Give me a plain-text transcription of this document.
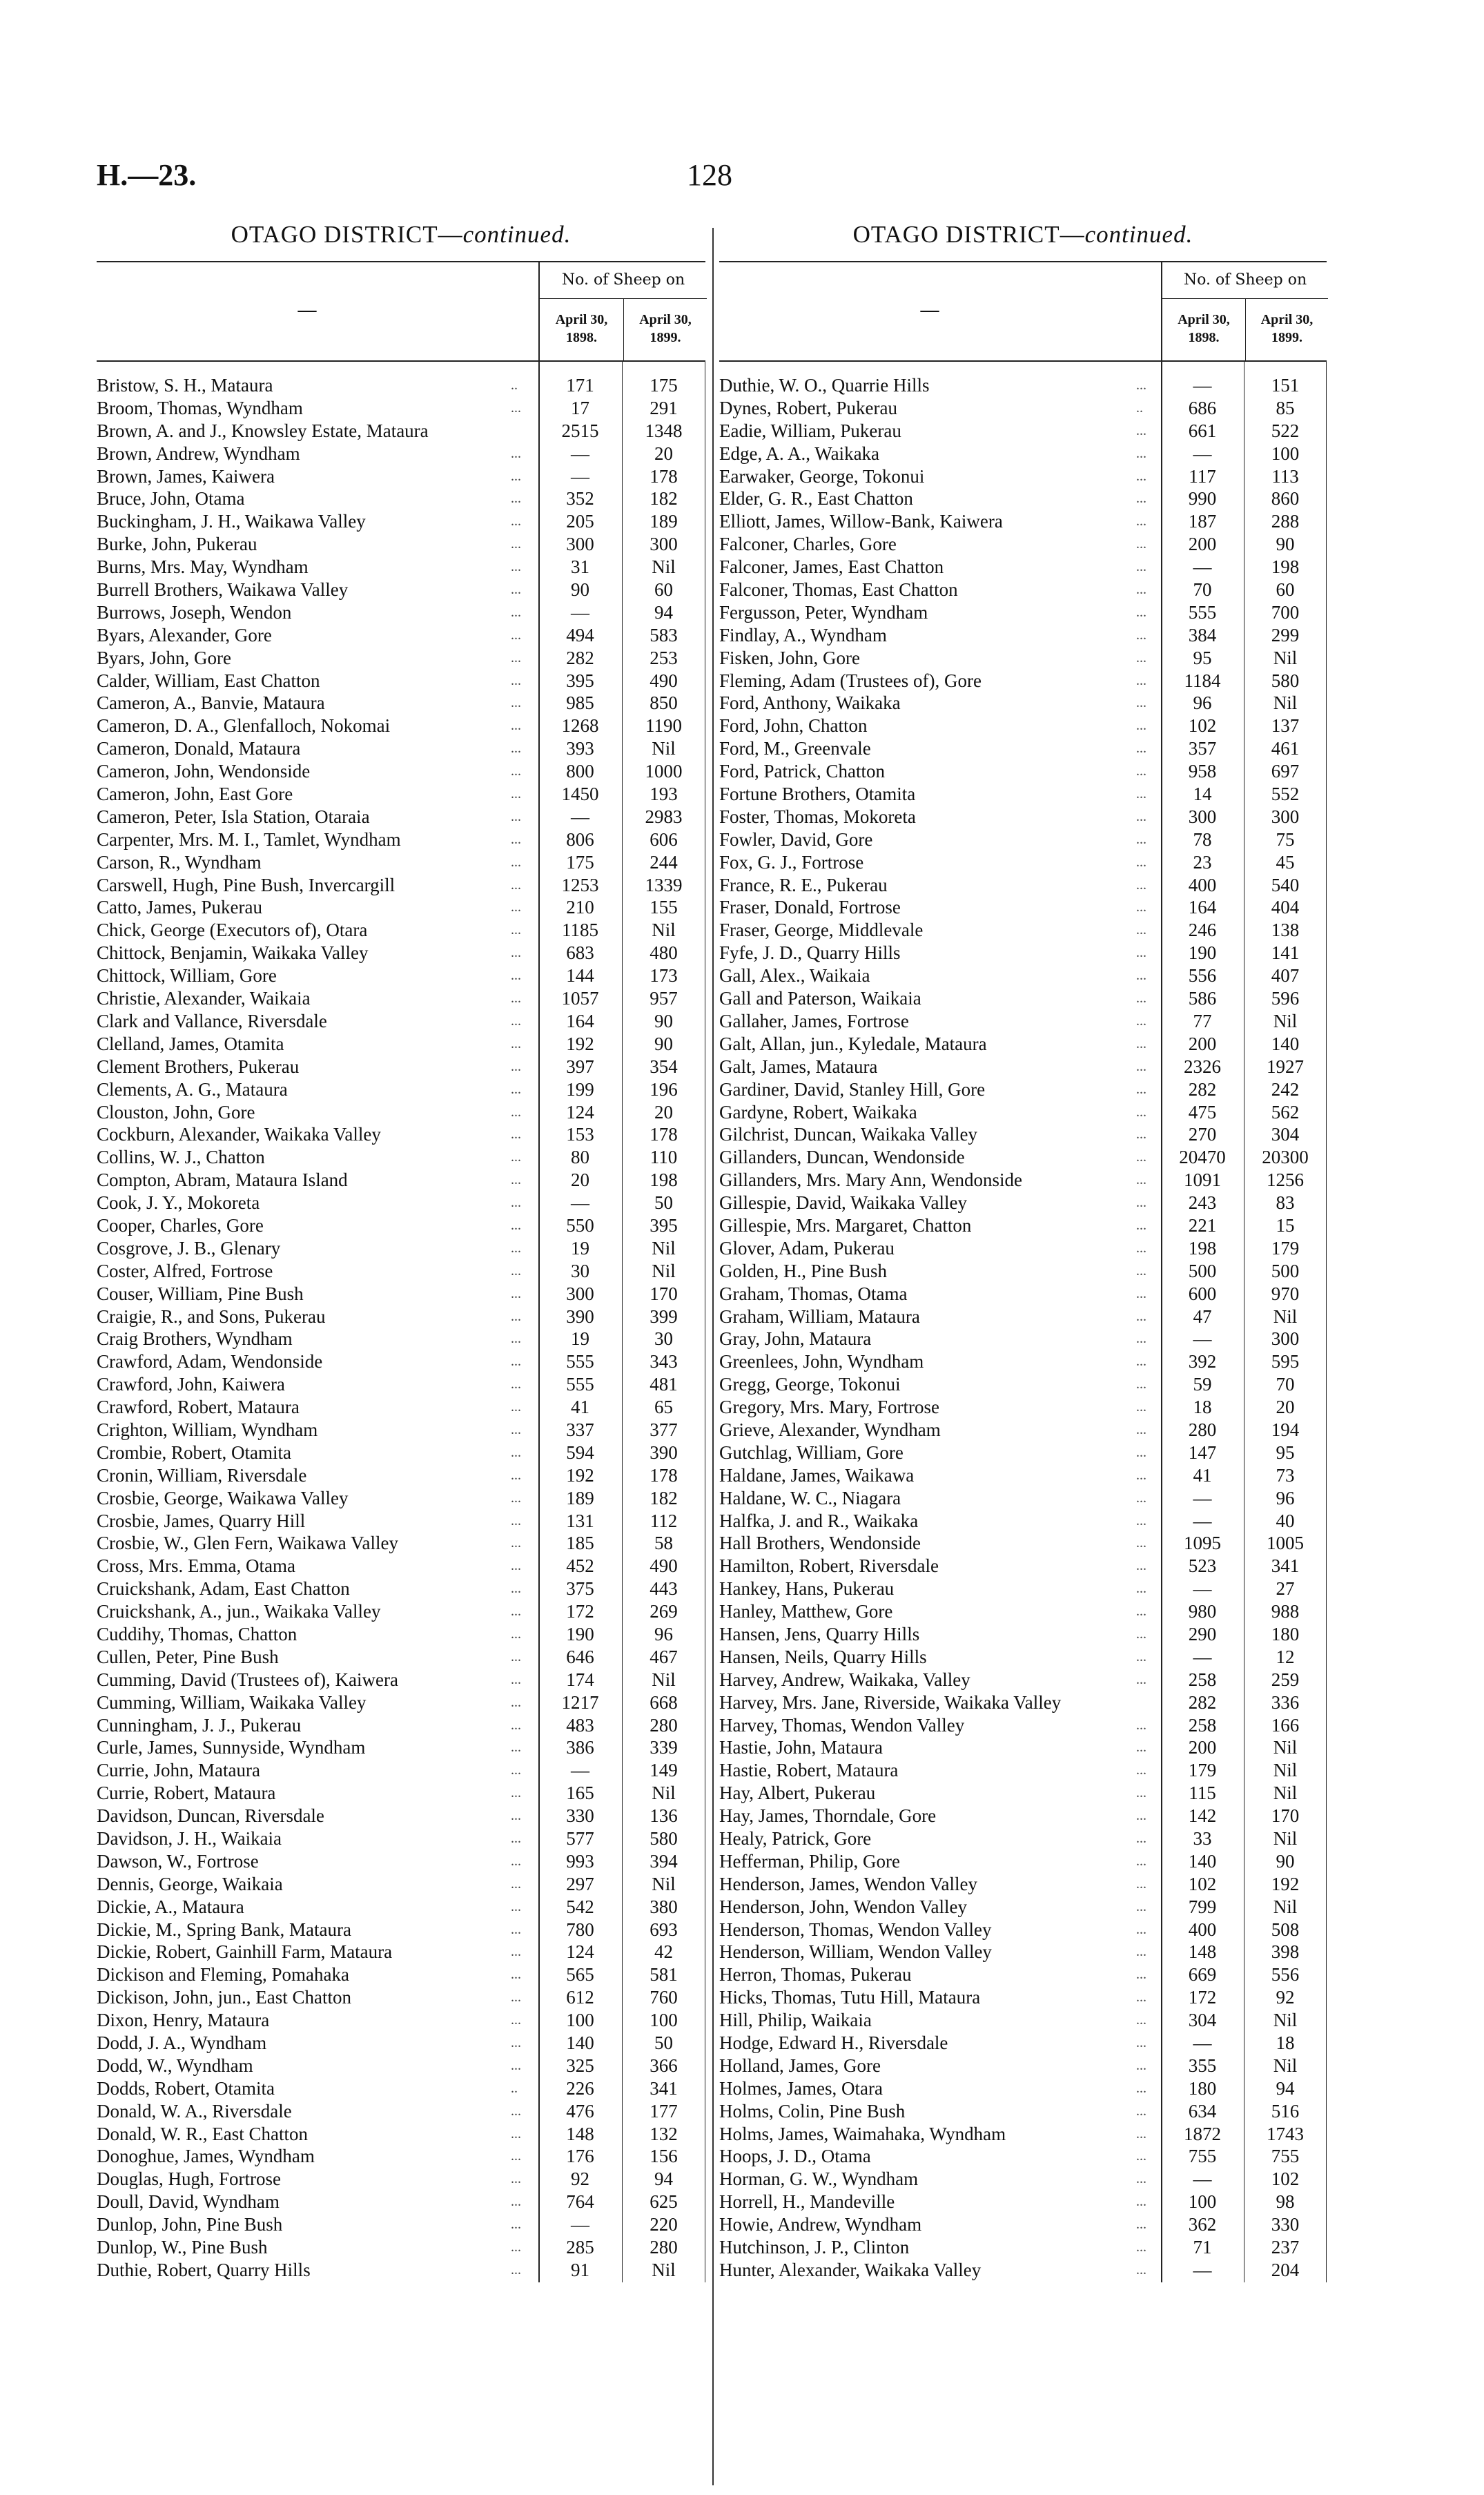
H.—23.	128
OTAGO DISTRICT—continued.
—
No. of Sheep on
April 30, 1898.
April 30, 1899.
Bristow, S. H., Mataura	..	171	175
Broom, Thomas, Wyndham	...	17	291
Brown, A. and J., Knowsley Estate, Mataura	2515	1348
Brown, Andrew, Wyndham	...	—	20
Brown, James, Kaiwera	...	—	178
Bruce, John, Otama	...	352	182
Buckingham, J. H., Waikawa Valley	...	205	189
Burke, John, Pukerau	...	300	300
Burns, Mrs. May, Wyndham	...	31	Nil
Burrell Brothers, Waikawa Valley	...	90	60
Burrows, Joseph, Wendon	...	—	94
Byars, Alexander, Gore	...	494	583
Byars, John, Gore	...	282	253
Calder, William, East Chatton	...	395	490
Cameron, A., Banvie, Mataura	...	985	850
Cameron, D. A., Glenfalloch, Nokomai	...	1268	1190
Cameron, Donald, Mataura	...	393	Nil
Cameron, John, Wendonside	...	800	1000
Cameron, John, East Gore	...	1450	193
Cameron, Peter, Isla Station, Otaraia	...	—	2983
Carpenter, Mrs. M. I., Tamlet, Wyndham	...	806	606
Carson, R., Wyndham	...	175	244
Carswell, Hugh, Pine Bush, Invercargill	...	1253	1339
Catto, James, Pukerau	...	210	155
Chick, George (Executors of), Otara	...	1185	Nil
Chittock, Benjamin, Waikaka Valley	...	683	480
Chittock, William, Gore	...	144	173
Christie, Alexander, Waikaia	...	1057	957
Clark and Vallance, Riversdale	...	164	90
Clelland, James, Otamita	...	192	90
Clement Brothers, Pukerau	...	397	354
Clements, A. G., Mataura	...	199	196
Clouston, John, Gore	...	124	20
Cockburn, Alexander, Waikaka Valley	...	153	178
Collins, W. J., Chatton	...	80	110
Compton, Abram, Mataura Island	...	20	198
Cook, J. Y., Mokoreta	...	—	50
Cooper, Charles, Gore	...	550	395
Cosgrove, J. B., Glenary	...	19	Nil
Coster, Alfred, Fortrose	...	30	Nil
Couser, William, Pine Bush	...	300	170
Craigie, R., and Sons, Pukerau	...	390	399
Craig Brothers, Wyndham	...	19	30
Crawford, Adam, Wendonside	...	555	343
Crawford, John, Kaiwera	...	555	481
Crawford, Robert, Mataura	...	41	65
Crighton, William, Wyndham	...	337	377
Crombie, Robert, Otamita	...	594	390
Cronin, William, Riversdale	...	192	178
Crosbie, George, Waikawa Valley	...	189	182
Crosbie, James, Quarry Hill	...	131	112
Crosbie, W., Glen Fern, Waikawa Valley	...	185	58
Cross, Mrs. Emma, Otama	...	452	490
Cruickshank, Adam, East Chatton	...	375	443
Cruickshank, A., jun., Waikaka Valley	...	172	269
Cuddihy, Thomas, Chatton	...	190	96
Cullen, Peter, Pine Bush	...	646	467
Cumming, David (Trustees of), Kaiwera	...	174	Nil
Cumming, William, Waikaka Valley	...	1217	668
Cunningham, J. J., Pukerau	...	483	280
Curle, James, Sunnyside, Wyndham	...	386	339
Currie, John, Mataura	...	—	149
Currie, Robert, Mataura	...	165	Nil
Davidson, Duncan, Riversdale	...	330	136
Davidson, J. H., Waikaia	...	577	580
Dawson, W., Fortrose	...	993	394
Dennis, George, Waikaia	...	297	Nil
Dickie, A., Mataura	...	542	380
Dickie, M., Spring Bank, Mataura	...	780	693
Dickie, Robert, Gainhill Farm, Mataura	...	124	42
Dickison and Fleming, Pomahaka	...	565	581
Dickison, John, jun., East Chatton	...	612	760
Dixon, Henry, Mataura	...	100	100
Dodd, J. A., Wyndham	...	140	50
Dodd, W., Wyndham	...	325	366
Dodds, Robert, Otamita	..	226	341
Donald, W. A., Riversdale	...	476	177
Donald, W. R., East Chatton	...	148	132
Donoghue, James, Wyndham	...	176	156
Douglas, Hugh, Fortrose	...	92	94
Doull, David, Wyndham	...	764	625
Dunlop, John, Pine Bush	...	—	220
Dunlop, W., Pine Bush	...	285	280
Duthie, Robert, Quarry Hills	...	91	Nil
OTAGO DISTRICT—continued.
—
No. of Sheep on
April 30, 1898.
April 30, 1899.
Duthie, W. O., Quarrie Hills	...	—	151
Dynes, Robert, Pukerau	..	686	85
Eadie, William, Pukerau	...	661	522
Edge, A. A., Waikaka	...	—	100
Earwaker, George, Tokonui	...	117	113
Elder, G. R., East Chatton	...	990	860
Elliott, James, Willow-Bank, Kaiwera	...	187	288
Falconer, Charles, Gore	...	200	90
Falconer, James, East Chatton	...	—	198
Falconer, Thomas, East Chatton	...	70	60
Fergusson, Peter, Wyndham	...	555	700
Findlay, A., Wyndham	...	384	299
Fisken, John, Gore	...	95	Nil
Fleming, Adam (Trustees of), Gore	...	1184	580
Ford, Anthony, Waikaka	...	96	Nil
Ford, John, Chatton	...	102	137
Ford, M., Greenvale	...	357	461
Ford, Patrick, Chatton	...	958	697
Fortune Brothers, Otamita	...	14	552
Foster, Thomas, Mokoreta	...	300	300
Fowler, David, Gore	...	78	75
Fox, G. J., Fortrose	...	23	45
France, R. E., Pukerau	...	400	540
Fraser, Donald, Fortrose	...	164	404
Fraser, George, Middlevale	...	246	138
Fyfe, J. D., Quarry Hills	...	190	141
Gall, Alex., Waikaia	...	556	407
Gall and Paterson, Waikaia	...	586	596
Gallaher, James, Fortrose	...	77	Nil
Galt, Allan, jun., Kyledale, Mataura	...	200	140
Galt, James, Mataura	...	2326	1927
Gardiner, David, Stanley Hill, Gore	...	282	242
Gardyne, Robert, Waikaka	...	475	562
Gilchrist, Duncan, Waikaka Valley	...	270	304
Gillanders, Duncan, Wendonside	...	20470	20300
Gillanders, Mrs. Mary Ann, Wendonside	...	1091	1256
Gillespie, David, Waikaka Valley	...	243	83
Gillespie, Mrs. Margaret, Chatton	...	221	15
Glover, Adam, Pukerau	...	198	179
Golden, H., Pine Bush	...	500	500
Graham, Thomas, Otama	...	600	970
Graham, William, Mataura	...	47	Nil
Gray, John, Mataura	...	—	300
Greenlees, John, Wyndham	...	392	595
Gregg, George, Tokonui	...	59	70
Gregory, Mrs. Mary, Fortrose	...	18	20
Grieve, Alexander, Wyndham	...	280	194
Gutchlag, William, Gore	...	147	95
Haldane, James, Waikawa	...	41	73
Haldane, W. C., Niagara	...	—	96
Halfka, J. and R., Waikaka	...	—	40
Hall Brothers, Wendonside	...	1095	1005
Hamilton, Robert, Riversdale	...	523	341
Hankey, Hans, Pukerau	...	—	27
Hanley, Matthew, Gore	...	980	988
Hansen, Jens, Quarry Hills	...	290	180
Hansen, Neils, Quarry Hills	...	—	12
Harvey, Andrew, Waikaka, Valley	...	258	259
Harvey, Mrs. Jane, Riverside, Waikaka Valley	282	336
Harvey, Thomas, Wendon Valley	...	258	166
Hastie, John, Mataura	...	200	Nil
Hastie, Robert, Mataura	...	179	Nil
Hay, Albert, Pukerau	...	115	Nil
Hay, James, Thorndale, Gore	...	142	170
Healy, Patrick, Gore	...	33	Nil
Hefferman, Philip, Gore	...	140	90
Henderson, James, Wendon Valley	...	102	192
Henderson, John, Wendon Valley	...	799	Nil
Henderson, Thomas, Wendon Valley	...	400	508
Henderson, William, Wendon Valley	...	148	398
Herron, Thomas, Pukerau	...	669	556
Hicks, Thomas, Tutu Hill, Mataura	...	172	92
Hill, Philip, Waikaia	...	304	Nil
Hodge, Edward H., Riversdale	...	—	18
Holland, James, Gore	...	355	Nil
Holmes, James, Otara	...	180	94
Holms, Colin, Pine Bush	...	634	516
Holms, James, Waimahaka, Wyndham	...	1872	1743
Hoops, J. D., Otama	...	755	755
Horman, G. W., Wyndham	...	—	102
Horrell, H., Mandeville	...	100	98
Howie, Andrew, Wyndham	...	362	330
Hutchinson, J. P., Clinton	...	71	237
Hunter, Alexander, Waikaka Valley	...	—	204
